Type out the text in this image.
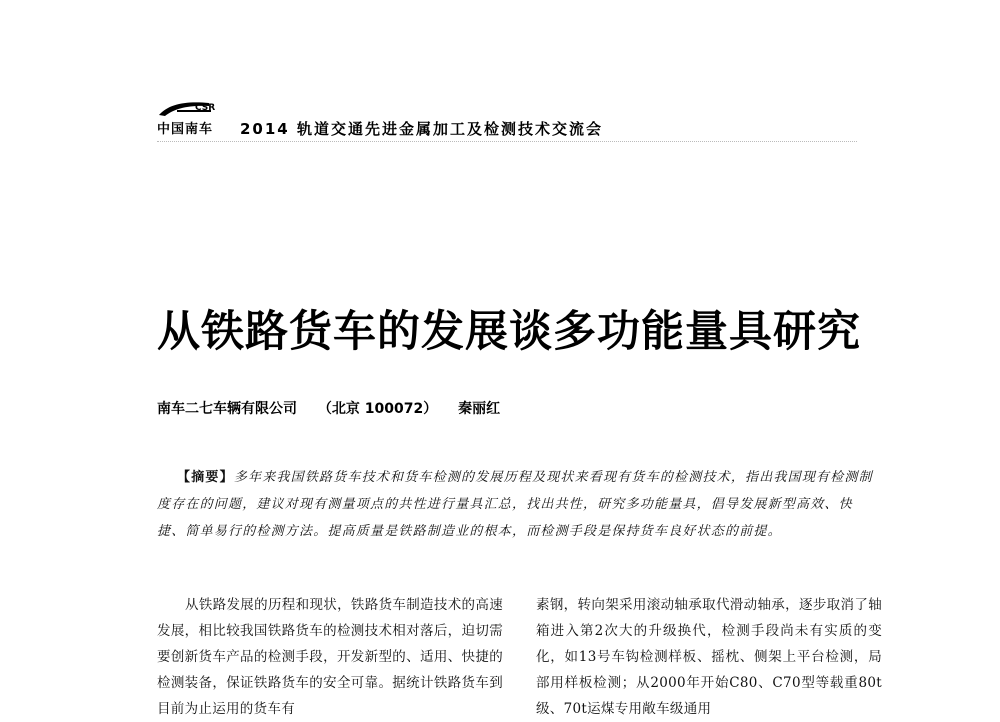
CSR
中国南车 2014 轨道交通先进金属加工及检测技术交流会
从铁路货车的发展谈多功能量具研究
南车二七车辆有限公司 （北京 100072） 秦丽红

【摘要】多年来我国铁路货车技术和货车检测的发展历程及现状来看现有货车的检测技术，指出我国现有检测制度存在的问题，建议对现有测量项点的共性进行量具汇总，找出共性，研究多功能量具，倡导发展新型高效、快捷、简单易行的检测方法。提高质量是铁路制造业的根本，而检测手段是保持货车良好状态的前提。

从铁路发展的历程和现状，铁路货车制造技术的高速发展，相比较我国铁路货车的检测技术相对落后，迫切需要创新货车产品的检测手段，开发新型的、适用、快捷的检测装备，保证铁路货车的安全可靠。据统计铁路货车到目前为止运用的货车有

素钢，转向架采用滚动轴承取代滑动轴承，逐步取消了轴箱进入第2次大的升级换代，检测手段尚未有实质的变化，如13号车钩检测样板、摇枕、侧架上平台检测，局部用样板检测；从2000年开始C80、C70型等载重80t级、70t运煤专用敞车级通用
